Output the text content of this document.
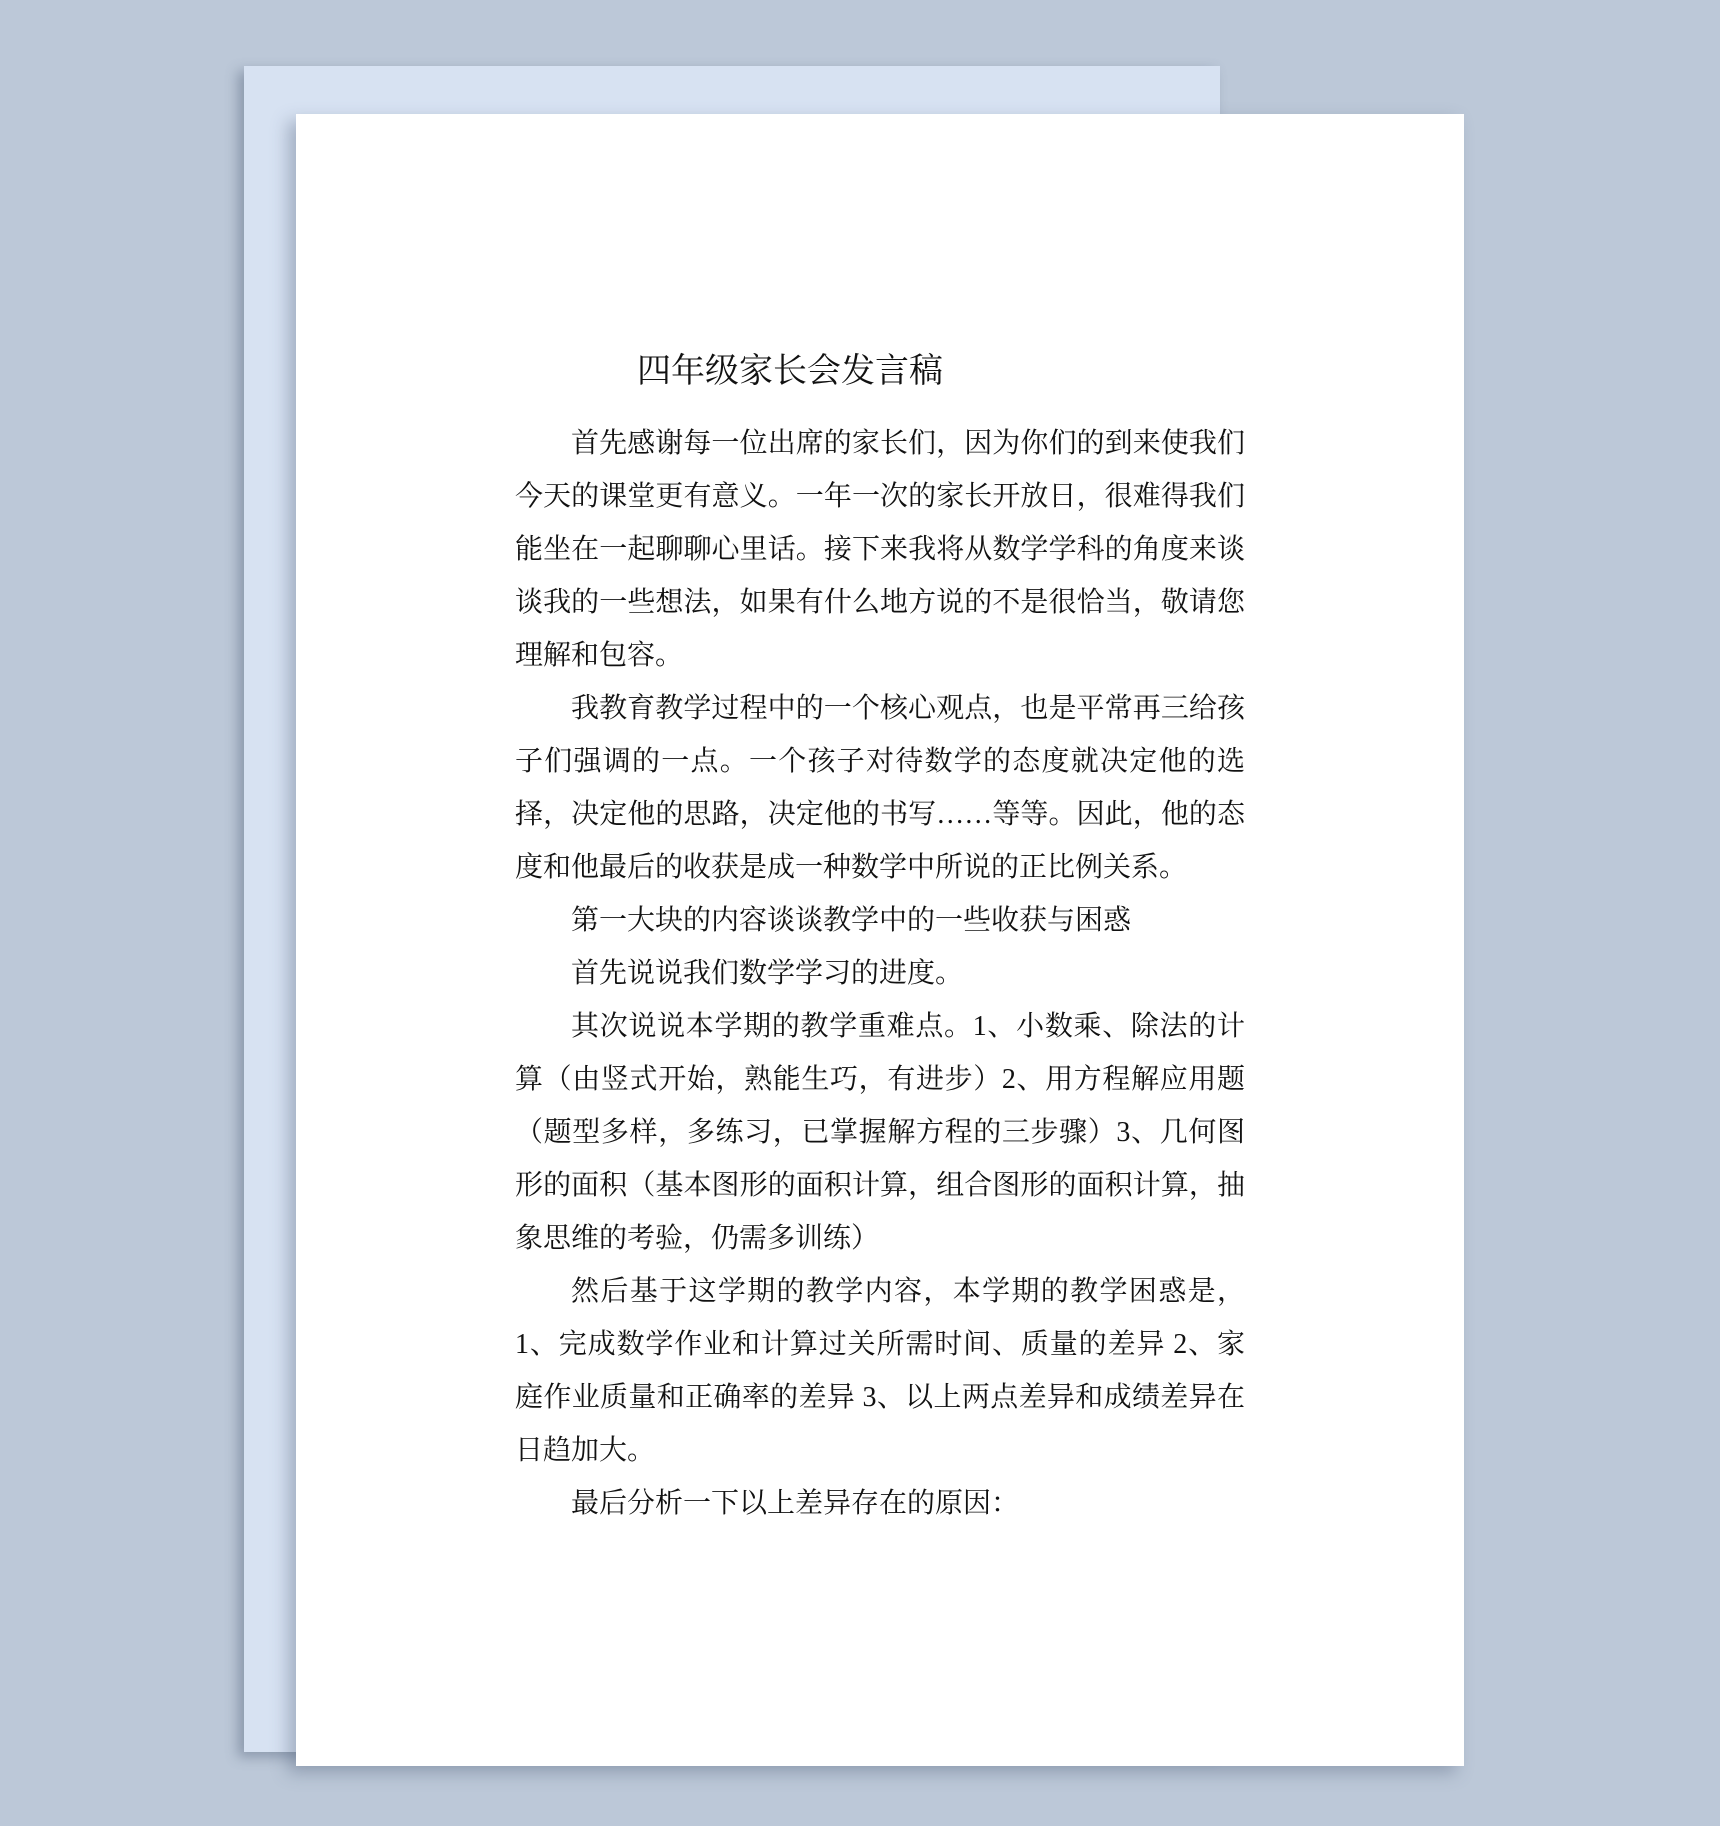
四年级家长会发言稿

首先感谢每一位出席的家长们，因为你们的到来使我们今天的课堂更有意义。一年一次的家长开放日，很难得我们能坐在一起聊聊心里话。接下来我将从数学学科的角度来谈谈我的一些想法，如果有什么地方说的不是很恰当，敬请您理解和包容。

我教育教学过程中的一个核心观点，也是平常再三给孩子们强调的一点。一个孩子对待数学的态度就决定他的选择，决定他的思路，决定他的书写……等等。因此，他的态度和他最后的收获是成一种数学中所说的正比例关系。

第一大块的内容谈谈教学中的一些收获与困惑

首先说说我们数学学习的进度。

其次说说本学期的教学重难点。1、小数乘、除法的计算（由竖式开始，熟能生巧，有进步）2、用方程解应用题（题型多样，多练习，已掌握解方程的三步骤）3、几何图形的面积（基本图形的面积计算，组合图形的面积计算，抽象思维的考验，仍需多训练）

然后基于这学期的教学内容，本学期的教学困惑是，1、完成数学作业和计算过关所需时间、质量的差异 2、家庭作业质量和正确率的差异 3、以上两点差异和成绩差异在日趋加大。

最后分析一下以上差异存在的原因：
